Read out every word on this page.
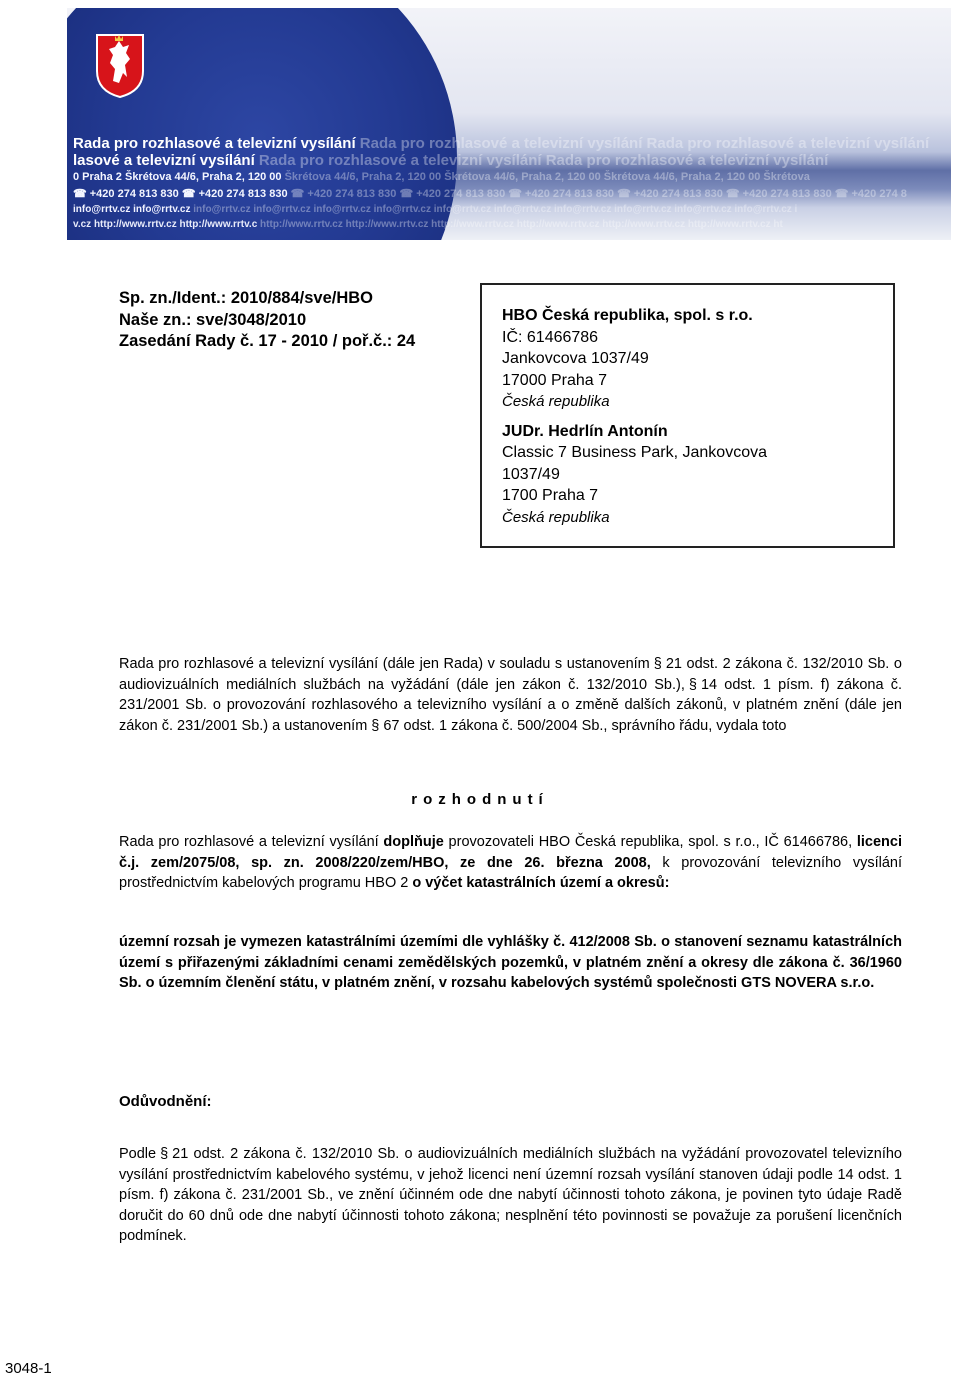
Rada pro rozhlasové a televizní vysílání Rada pro rozhlasové a televizní vysílání Rada pro rozhlasové a televizní vysílání
lasové a televizní vysílání Rada pro rozhlasové a televizní vysílání Rada pro rozhlasové a televizní vysílání
0 Praha 2 Škrétova 44/6, Praha 2, 120 00 Škrétova 44/6, Praha 2, 120 00 Škrétova 44/6, Praha 2, 120 00 Škrétova 44/6, Praha 2, 120 00 Škrétova
☎ +420 274 813 830 ☎ +420 274 813 830 ☎ +420 274 813 830 ☎ +420 274 813 830 ☎ +420 274 813 830 ☎ +420 274 813 830 ☎ +420 274 813 830 ☎ +420 274 8
info@rrtv.cz info@rrtv.cz info@rrtv.cz info@rrtv.cz info@rrtv.cz info@rrtv.cz info@rrtv.cz info@rrtv.cz info@rrtv.cz info@rrtv.cz info@rrtv.cz info@rrtv.cz i
v.cz http://www.rrtv.cz http://www.rrtv.c http://www.rrtv.cz http://www.rrtv.cz http://www.rrtv.cz http://www.rrtv.cz http://www.rrtv.cz http://www.rrtv.cz ht
Sp. zn./Ident.: 2010/884/sve/HBO
Naše zn.: sve/3048/2010
Zasedání Rady č. 17 - 2010 / poř.č.: 24
HBO Česká republika, spol. s r.o.
IČ: 61466786
Jankovcova 1037/49
17000 Praha 7
Česká republika
JUDr. Hedrlín Antonín
Classic 7 Business Park, Jankovcova
1037/49
1700 Praha 7
Česká republika
Rada pro rozhlasové a televizní vysílání (dále jen Rada) v souladu s ustanovením § 21 odst. 2 zákona č. 132/2010 Sb. o audiovizuálních mediálních službách na vyžádání (dále jen zákon č. 132/2010 Sb.), § 14 odst. 1 písm. f) zákona č. 231/2001 Sb. o provozování rozhlasového a televizního vysílání a o změně dalších zákonů, v platném znění (dále jen zákon č. 231/2001 Sb.) a ustanovením § 67 odst. 1 zákona č. 500/2004 Sb., správního řádu, vydala toto
rozhodnutí
Rada pro rozhlasové a televizní vysílání doplňuje provozovateli HBO Česká republika, spol. s r.o., IČ 61466786, licenci č.j. zem/2075/08, sp. zn. 2008/220/zem/HBO, ze dne 26. března 2008, k provozování televizního vysílání prostřednictvím kabelových programu HBO 2 o výčet katastrálních území a okresů:
územní rozsah je vymezen katastrálními územími dle vyhlášky č. 412/2008 Sb. o stanovení seznamu katastrálních území s přiřazenými základními cenami zemědělských pozemků, v platném znění a okresy dle zákona č. 36/1960 Sb. o územním členění státu, v platném znění, v rozsahu kabelových systémů společnosti GTS NOVERA s.r.o.
Odůvodnění:
Podle § 21 odst. 2 zákona č. 132/2010 Sb. o audiovizuálních mediálních službách na vyžádání provozovatel televizního vysílání prostřednictvím kabelového systému, v jehož licenci není územní rozsah vysílání stanoven údaji podle 14 odst. 1 písm. f) zákona č. 231/2001 Sb., ve znění účinném ode dne nabytí účinnosti tohoto zákona, je povinen tyto údaje Radě doručit do 60 dnů ode dne nabytí účinnosti tohoto zákona; nesplnění této povinnosti se považuje za porušení licenčních podmínek.
3048-1
